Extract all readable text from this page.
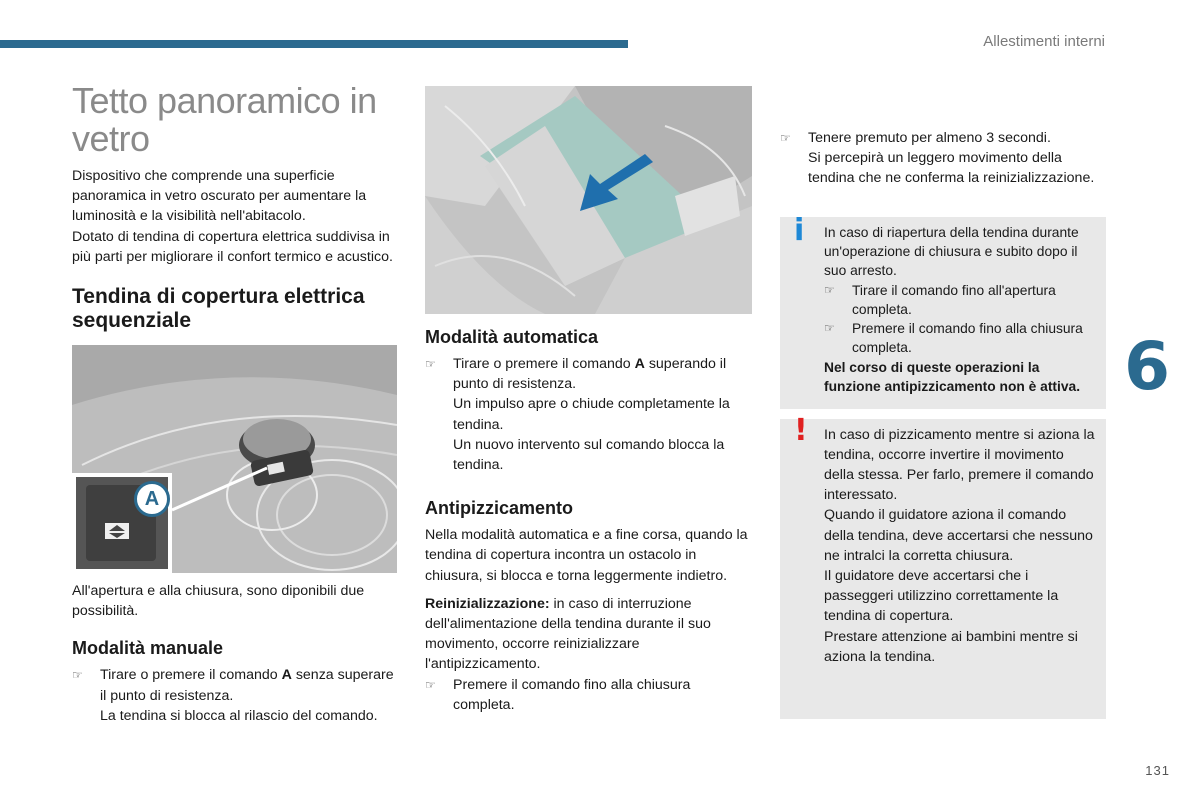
Allestimenti interni
6
131
Tetto panoramico in vetro

Dispositivo che comprende una superficie panoramica in vetro oscurato per aumentare la luminosità e la visibilità nell'abitacolo.

Dotato di tendina di copertura elettrica suddivisa in più parti per migliorare il confort termico e acustico.

Tendina di copertura elettrica sequenziale
A

All'apertura e alla chiusura, sono diponibili due possibilità.

Modalità manuale
☞ Tirare o premere il comando A senza superare il punto di resistenza.

La tendina si blocca al rilascio del comando.

Modalità automatica
☞ Tirare o premere il comando A superando il punto di resistenza.

Un impulso apre o chiude completamente la tendina.

Un nuovo intervento sul comando blocca la tendina.

Antipizzicamento

Nella modalità automatica e a fine corsa, quando la tendina di copertura incontra un ostacolo in chiusura, si blocca e torna leggermente indietro.

Reinizializzazione: in caso di interruzione dell'alimentazione della tendina durante il suo movimento, occorre reinizializzare l'antipizzicamento.

☞ Premere il comando fino alla chiusura completa.
☞ Tenere premuto per almeno 3 secondi.

Si percepirà un leggero movimento della tendina che ne conferma la reinizializzazione.

i In caso di riapertura della tendina durante un'operazione di chiusura e subito dopo il suo arresto.

☞ Tirare il comando fino all'apertura completa.
☞ Premere il comando fino alla chiusura completa.

Nel corso di queste operazioni la funzione antipizzicamento non è attiva.

! In caso di pizzicamento mentre si aziona la tendina, occorre invertire il movimento della stessa. Per farlo, premere il comando interessato.

Quando il guidatore aziona il comando della tendina, deve accertarsi che nessuno ne intralci la corretta chiusura.

Il guidatore deve accertarsi che i passeggeri utilizzino correttamente la tendina di copertura.

Prestare attenzione ai bambini mentre si aziona la tendina.
